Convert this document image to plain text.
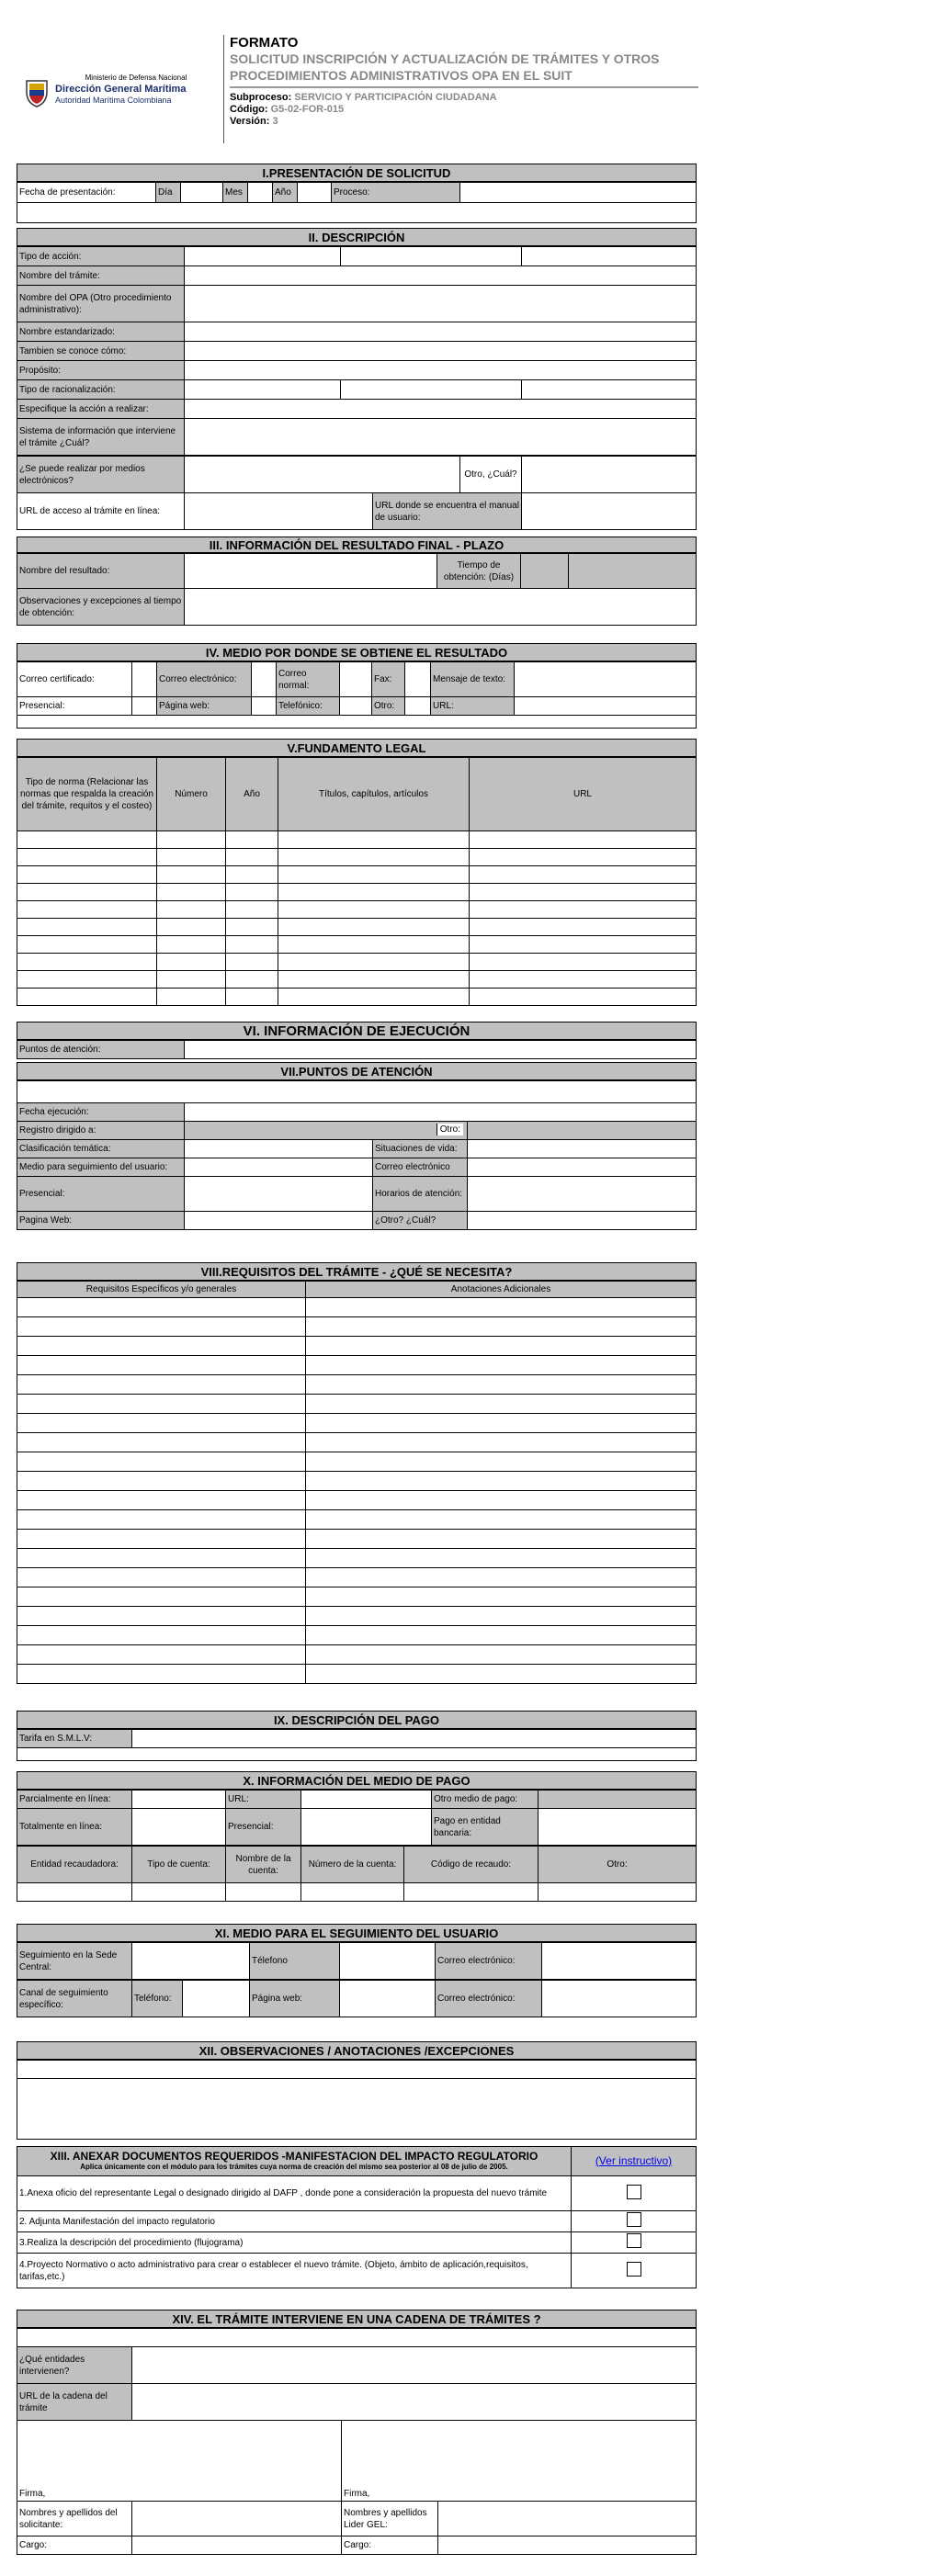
Ministerio de Defensa Nacional
Dirección General Marítima
Autoridad Marítima Colombiana
FORMATO
SOLICITUD INSCRIPCIÓN Y ACTUALIZACIÓN DE TRÁMITES Y OTROS PROCEDIMIENTOS ADMINISTRATIVOS OPA EN EL SUIT
Subproceso: SERVICIO Y PARTICIPACIÓN CIUDADANA
Código: G5-02-FOR-015
Versión: 3
I.PRESENTACIÓN DE SOLICITUD
Fecha de presentación:	Día		Mes		Año		Proceso:	

II. DESCRIPCIÓN
Tipo de acción:			
Nombre del trámite:			
Nombre del OPA (Otro procedimiento administrativo):			
Nombre estandarizado:			
Tambien se conoce cómo:			
Propósito:			
Tipo de racionalización:			
Especifique la acción a realizar:			
Sistema de información que interviene el trámite ¿Cuál?			
¿Se puede realizar por medios electrónicos?			Otro, ¿Cuál?	
URL de acceso al trámite en línea:		URL donde se encuentra el manual de usuario:		
III. INFORMACIÓN DEL RESULTADO FINAL - PLAZO
Nombre del resultado:		Tiempo de obtención: (Días)		
Observaciones y excepciones al tiempo de obtención:				
IV. MEDIO POR DONDE SE OBTIENE EL RESULTADO
Correo certificado:		Correo electrónico:		Correo normal:		Fax:		Mensaje de texto:	
Presencial:		Página web:		Telefónico:		Otro:		URL:	

V.FUNDAMENTO LEGAL
Tipo de norma (Relacionar las normas que respalda la creación del trámite, requitos y el costeo)	Número	Año	Títulos, capítulos, artículos	URL

VI. INFORMACIÓN DE EJECUCIÓN
Puntos de atención:	
VII.PUNTOS DE ATENCIÓN

Fecha ejecución:			
Registro dirigido a:	Otro:		

Clasificación temática:		Situaciones de vida:	
Medio para seguimiento del usuario:		Correo electrónico	
Presencial:		Horarios de atención:	
Pagina Web:		¿Otro? ¿Cuál?	
VIII.REQUISITOS DEL TRÁMITE - ¿QUÉ SE NECESITA?
Requisitos Específicos y/o generales	Anotaciones Adicionales

IX. DESCRIPCIÓN DEL PAGO
Tarifa en S.M.L.V:	

X. INFORMACIÓN DEL MEDIO DE PAGO
Parcialmente en línea:		URL:		Otro medio de pago:	
Totalmente en línea:		Presencial:		Pago en entidad bancaria:	
Entidad recaudadora:	Tipo de cuenta:	Nombre de la cuenta:	Número de la cuenta:	Código de recaudo:	Otro:

XI. MEDIO PARA EL SEGUIMIENTO DEL USUARIO
Seguimiento en la Sede Central:		Télefono		Correo electrónico:	
Canal de seguimiento específico:	Teléfono:		Página web:		Correo electrónico:	
XII. OBSERVACIONES / ANOTACIONES /EXCEPCIONES

XIII. ANEXAR DOCUMENTOS REQUERIDOS -MANIFESTACION DEL IMPACTO REGULATORIO
Aplica únicamente con el módulo para los trámites cuya norma de creación del mismo sea posterior al 08 de julio de 2005.	(Ver instructivo)
1.Anexa oficio del representante Legal o designado dirigido al DAFP , donde pone a consideración la propuesta del nuevo trámite	
2. Adjunta Manifestación del impacto regulatorio	
3.Realiza la descripción del procedimiento (flujograma)	
4.Proyecto Normativo o acto administrativo para crear o establecer el nuevo trámite. (Objeto, ámbito de aplicación,requisitos, tarifas,etc.)	
XIV. EL TRÁMITE INTERVIENE EN UNA CADENA DE TRÁMITES ?

¿Qué entidades intervienen?			
URL de la cadena del trámite			
Firma,		Firma,	
Nombres y apellidos del solicitante:		Nombres y apellidos Lider GEL:	
Cargo:		Cargo:	
